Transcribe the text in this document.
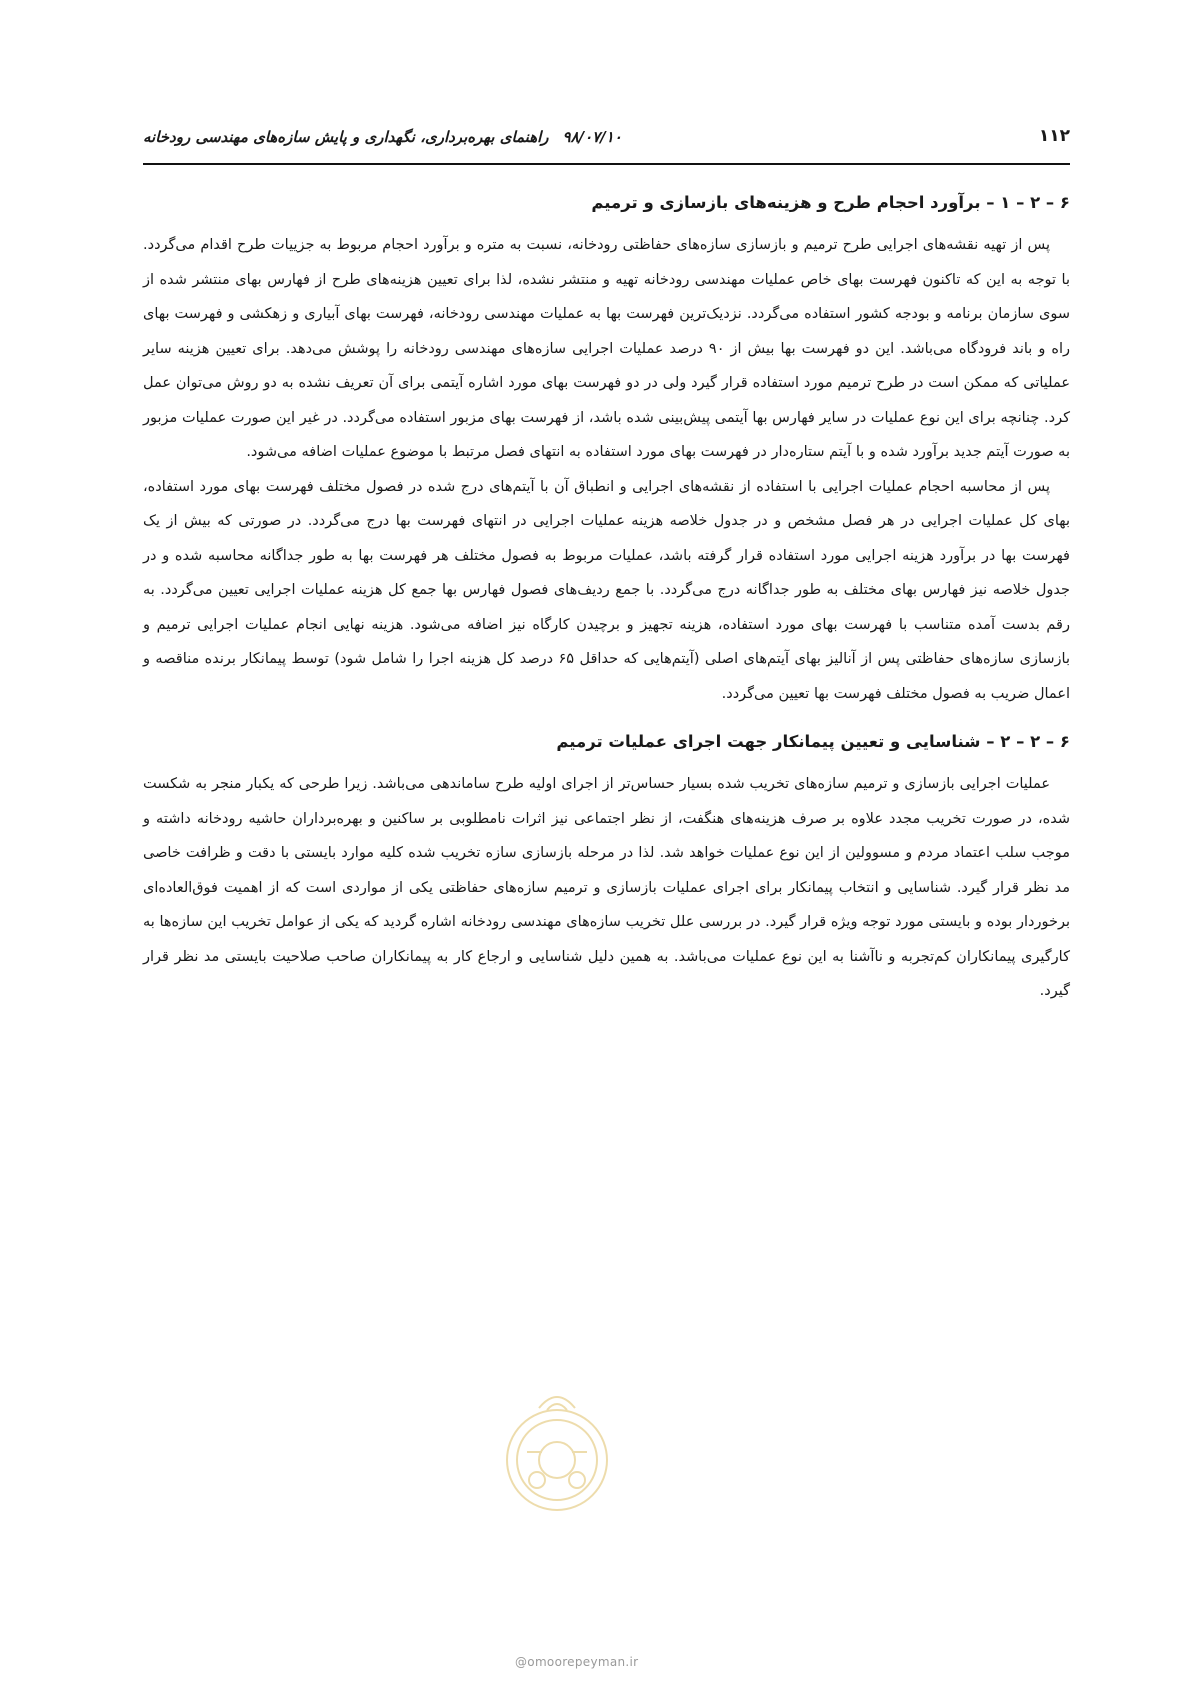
۱۱۲
۹۸/۰۷/۱۰راهنمای بهره‌برداری، نگهداری و پایش سازه‌های مهندسی رودخانه
۶ – ۲ – ۱ – برآورد احجام طرح و هزینه‌های بازسازی و ترمیم

پس از تهیه نقشه‌های اجرایی طرح ترمیم و بازسازی سازه‌های حفاظتی رودخانه، نسبت به متره و برآورد احجام مربوط به جزییات طرح اقدام می‌گردد. با توجه به این که تاکنون فهرست بهای خاص عملیات مهندسی رودخانه تهیه و منتشر نشده، لذا برای تعیین هزینه‌های طرح از فهارس بهای منتشر شده از سوی سازمان برنامه و بودجه کشور استفاده می‌گردد. نزدیک‌ترین فهرست بها به عملیات مهندسی رودخانه، فهرست بهای آبیاری و زهکشی و فهرست بهای راه و باند فرودگاه می‌باشد. این دو فهرست بها بیش از ۹۰ درصد عملیات اجرایی سازه‌های مهندسی رودخانه را پوشش می‌دهد. برای تعیین هزینه سایر عملیاتی که ممکن است در طرح ترمیم مورد استفاده قرار گیرد ولی در دو فهرست بهای مورد اشاره آیتمی برای آن تعریف نشده به دو روش می‌توان عمل کرد. چنانچه برای این نوع عملیات در سایر فهارس بها آیتمی پیش‌بینی شده باشد، از فهرست بهای مزبور استفاده می‌گردد. در غیر این صورت عملیات مزبور به صورت آیتم جدید برآورد شده و با آیتم ستاره‌دار در فهرست بهای مورد استفاده به انتهای فصل مرتبط با موضوع عملیات اضافه می‌شود.

پس از محاسبه احجام عملیات اجرایی با استفاده از نقشه‌های اجرایی و انطباق آن با آیتم‌های درج شده در فصول مختلف فهرست بهای مورد استفاده، بهای کل عملیات اجرایی در هر فصل مشخص و در جدول خلاصه هزینه عملیات اجرایی در انتهای فهرست بها درج می‌گردد. در صورتی که بیش از یک فهرست بها در برآورد هزینه اجرایی مورد استفاده قرار گرفته باشد، عملیات مربوط به فصول مختلف هر فهرست بها به طور جداگانه محاسبه شده و در جدول خلاصه نیز فهارس بهای مختلف به طور جداگانه درج می‌گردد. با جمع ردیف‌های فصول فهارس بها جمع کل هزینه عملیات اجرایی تعیین می‌گردد. به رقم بدست آمده متناسب با فهرست بهای مورد استفاده، هزینه تجهیز و برچیدن کارگاه نیز اضافه می‌شود. هزینه نهایی انجام عملیات اجرایی ترمیم و بازسازی سازه‌های حفاظتی پس از آنالیز بهای آیتم‌های اصلی (آیتم‌هایی که حداقل ۶۵ درصد کل هزینه اجرا را شامل شود) توسط پیمانکار برنده مناقصه و اعمال ضریب به فصول مختلف فهرست بها تعیین می‌گردد.

۶ – ۲ – ۲ – شناسایی و تعیین پیمانکار جهت اجرای عملیات ترمیم

عملیات اجرایی بازسازی و ترمیم سازه‌های تخریب شده بسیار حساس‌تر از اجرای اولیه طرح ساماندهی می‌باشد. زیرا طرحی که یکبار منجر به شکست شده، در صورت تخریب مجدد علاوه بر صرف هزینه‌های هنگفت، از نظر اجتماعی نیز اثرات نامطلوبی بر ساکنین و بهره‌برداران حاشیه رودخانه داشته و موجب سلب اعتماد مردم و مسوولین از این نوع عملیات خواهد شد. لذا در مرحله بازسازی سازه تخریب شده کلیه موارد بایستی با دقت و ظرافت خاصی مد نظر قرار گیرد. شناسایی و انتخاب پیمانکار برای اجرای عملیات بازسازی و ترمیم سازه‌های حفاظتی یکی از مواردی است که از اهمیت فوق‌العاده‌ای برخوردار بوده و بایستی مورد توجه ویژه قرار گیرد. در بررسی علل تخریب سازه‌های مهندسی رودخانه اشاره گردید که یکی از عوامل تخریب این سازه‌ها به کارگیری پیمانکاران کم‌تجربه و ناآشنا به این نوع عملیات می‌باشد. به همین دلیل شناسایی و ارجاع کار به پیمانکاران صاحب صلاحیت بایستی مد نظر قرار گیرد.

@omoorepeyman.ir
